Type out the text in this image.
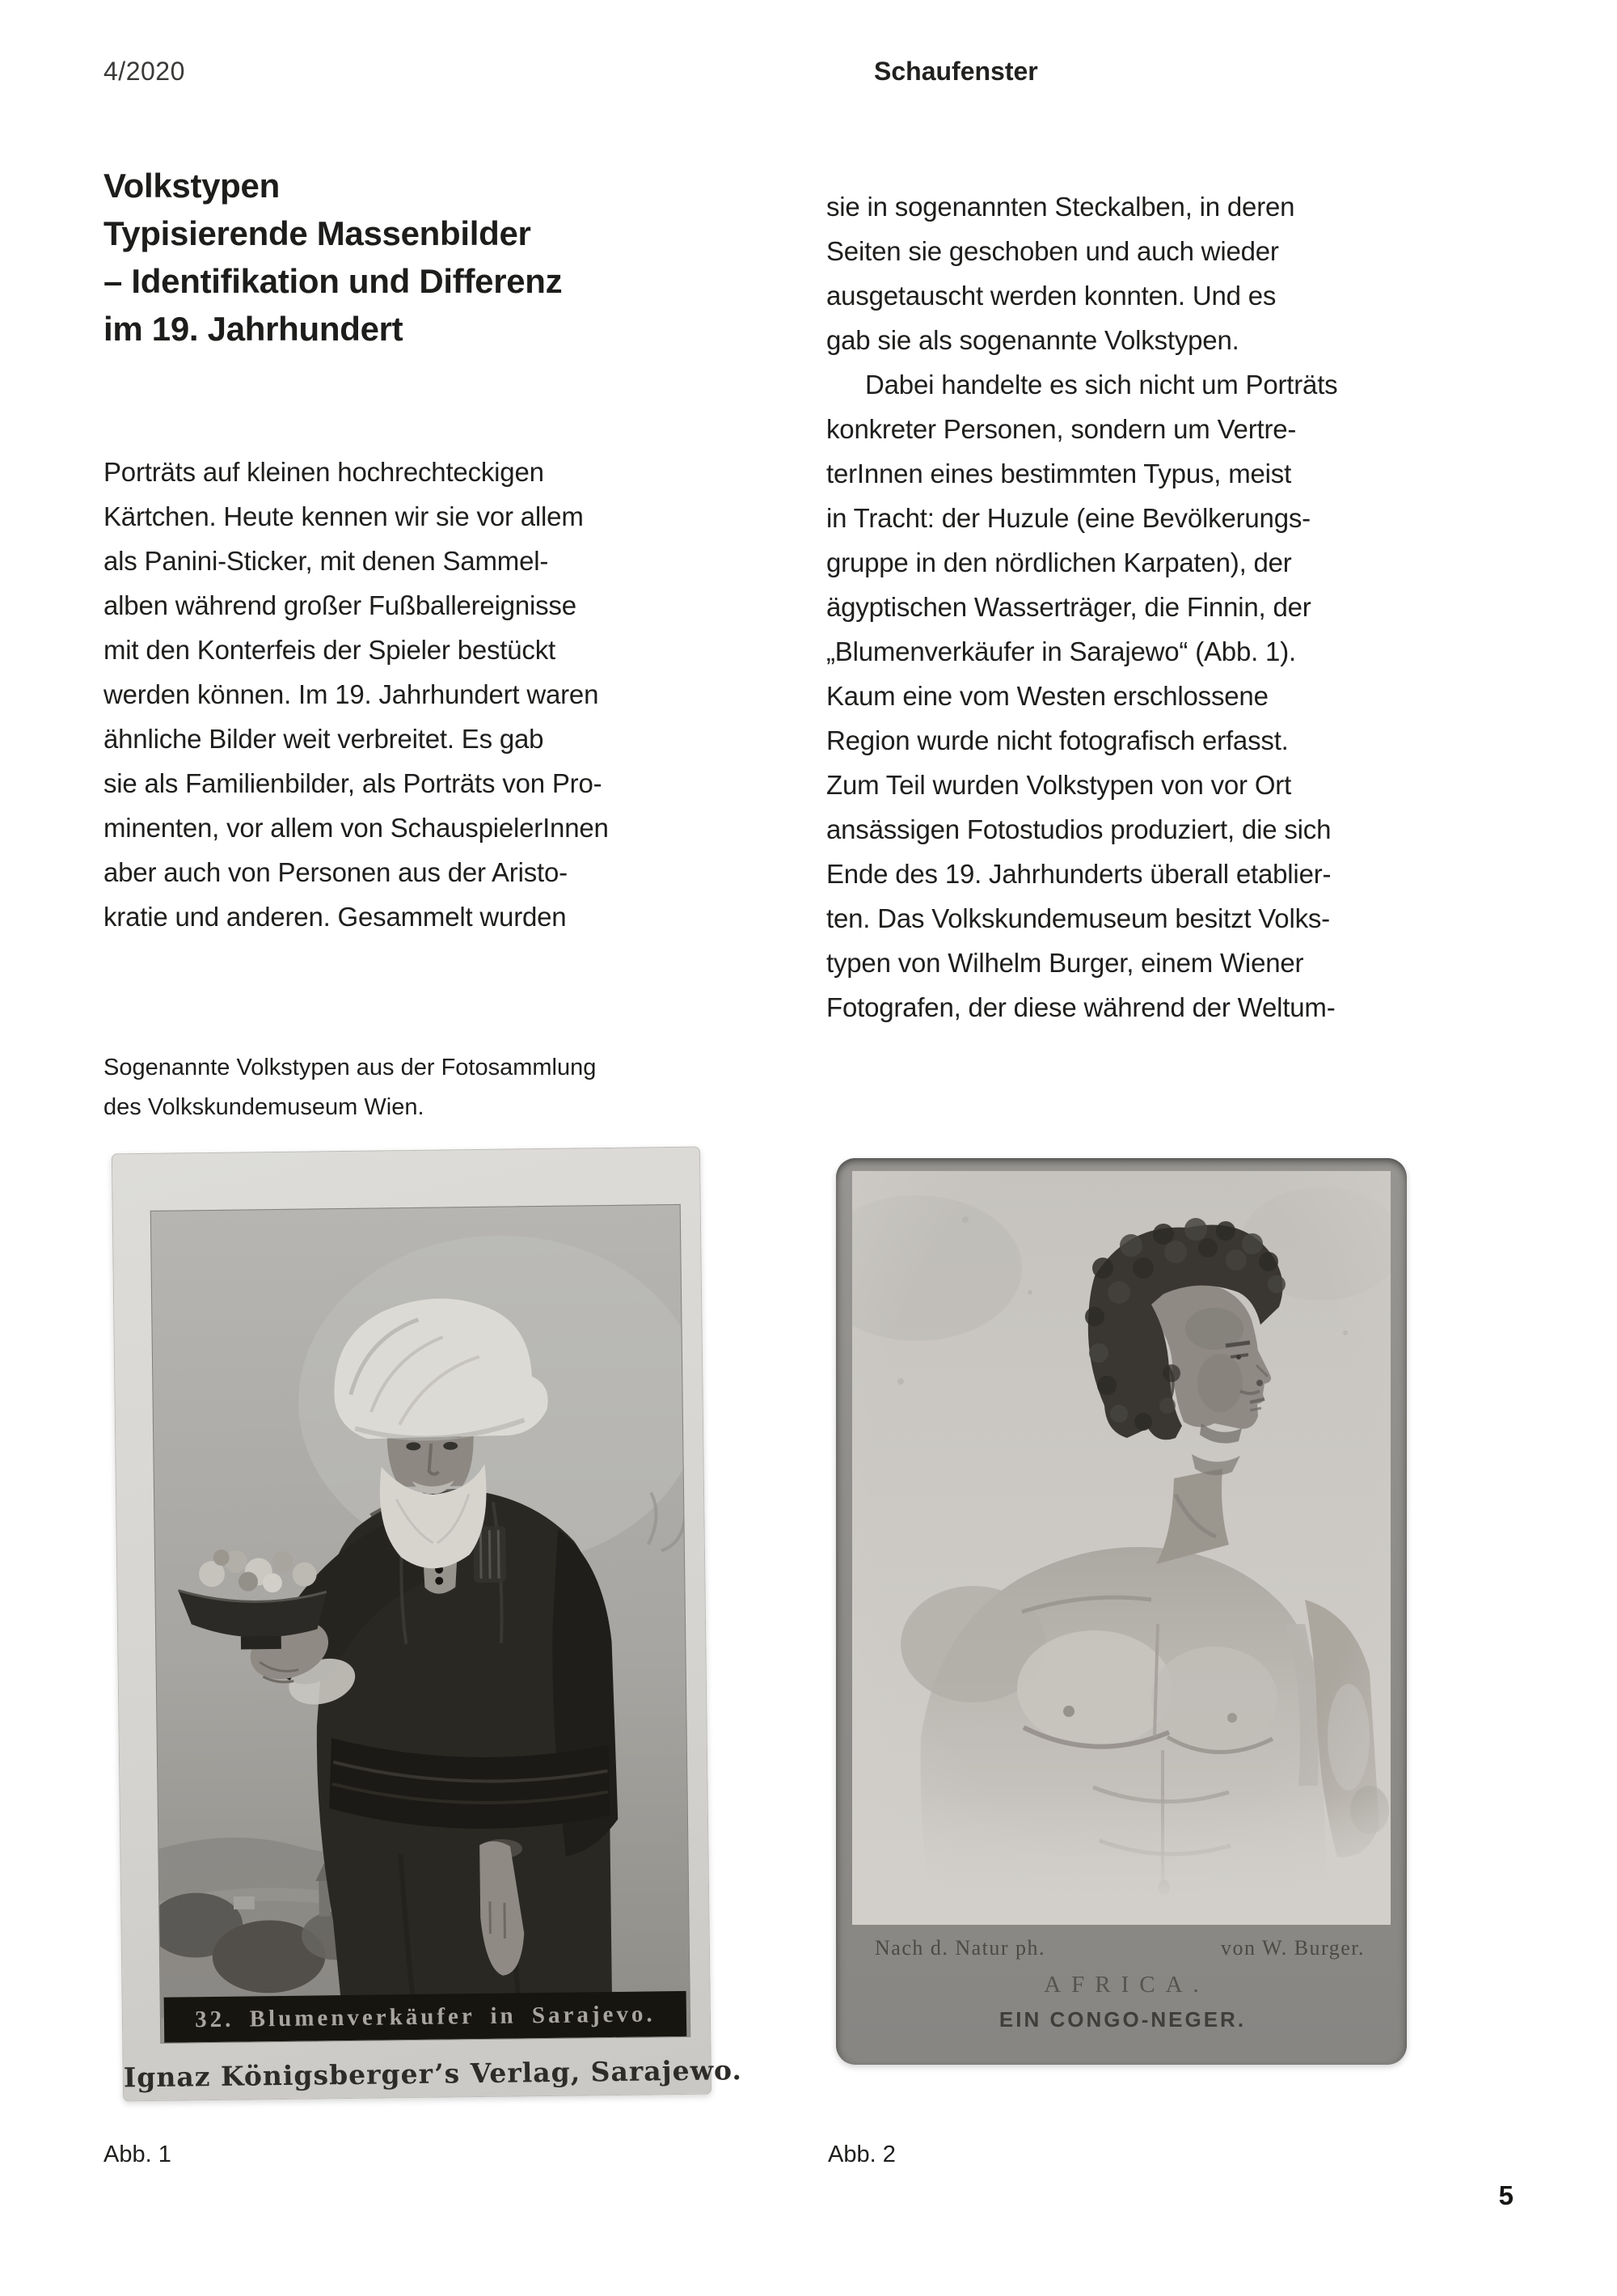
4/2020	Schaufenster
Volkstypen
Typisierende Massenbilder
– Identifikation und Differenz
im 19. Jahrhundert
Porträts auf kleinen hochrechteckigen
Kärtchen. Heute kennen wir sie vor allem
als Panini-Sticker, mit denen Sammel-
alben während großer Fußballereignisse
mit den Konterfeis der Spieler bestückt
werden können. Im 19. Jahrhundert waren
ähnliche Bilder weit verbreitet. Es gab
sie als Familienbilder, als Porträts von Pro-
minenten, vor allem von SchauspielerInnen
aber auch von Personen aus der Aristo-
kratie und anderen. Gesammelt wurden
sie in sogenannten Steckalben, in deren
Seiten sie geschoben und auch wieder
ausgetauscht werden konnten. Und es
gab sie als sogenannte Volkstypen.
Dabei handelte es sich nicht um Porträts
konkreter Personen, sondern um Vertre-
terInnen eines bestimmten Typus, meist
in Tracht: der Huzule (eine Bevölkerungs-
gruppe in den nördlichen Karpaten), der
ägyptischen Wasserträger, die Finnin, der
„Blumenverkäufer in Sarajewo“ (Abb. 1).
Kaum eine vom Westen erschlossene
Region wurde nicht fotografisch erfasst.
Zum Teil wurden Volkstypen von vor Ort
ansässigen Fotostudios produziert, die sich
Ende des 19. Jahrhunderts überall etablier-
ten. Das Volkskundemuseum besitzt Volks-
typen von Wilhelm Burger, einem Wiener
Fotografen, der diese während der Weltum-
Sogenannte Volkstypen aus der Fotosammlung
des Volkskundemuseum Wien.
32. Blumenverkäufer in Sarajevo.
Ignaz Königsberger’s Verlag, Sarajewo.
Nach d. Natur ph.	von W. Burger.
AFRICA.
EIN CONGO-NEGER.
Abb. 1	Abb. 2
5
